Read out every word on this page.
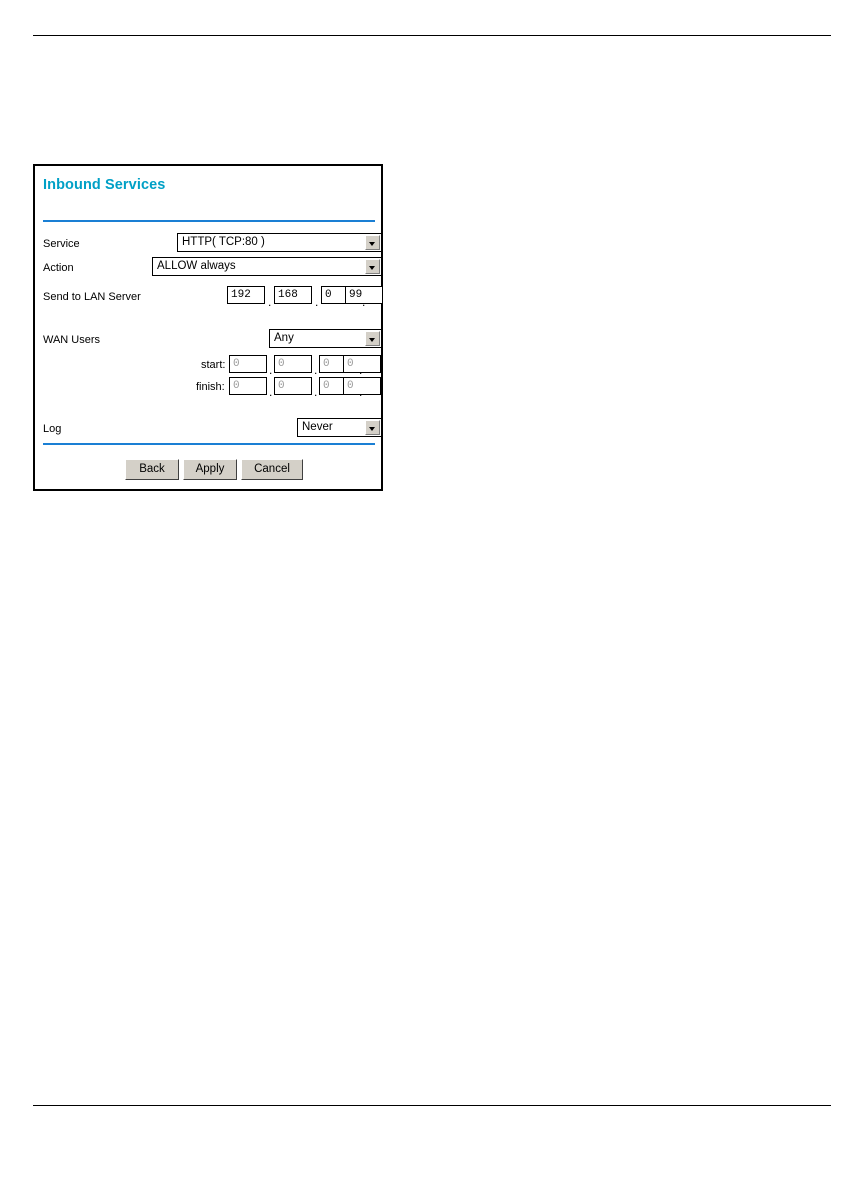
Inbound Services
Service	HTTP( TCP:80 )
Action	ALLOW always
Send to LAN Server	192	. 168	. 0	99
WAN Users	Any
start: 0	. 0	. 0	0
finish: 0	. 0	. 0	0
Log	Never
Back	Apply	Cancel
